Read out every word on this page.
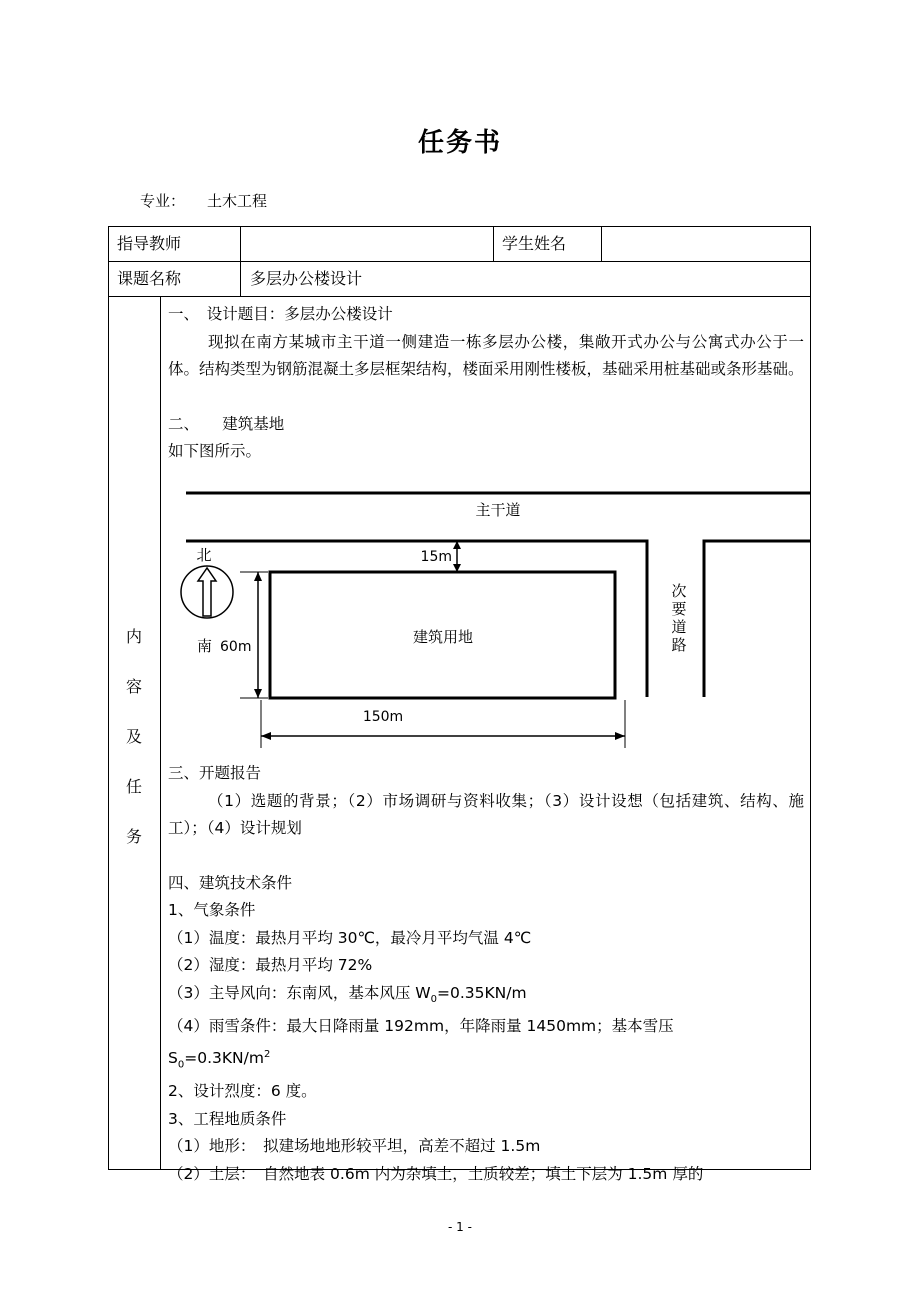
任务书
专业： 土木工程
指导教师	学生姓名
课题名称	多层办公楼设计
内
容
及
任
务

一、　设计题目：多层办公楼设计

现拟在南方某城市主干道一侧建造一栋多层办公楼，集敞开式办公与公寓式办公于一体。结构类型为钢筋混凝土多层框架结构，楼面采用刚性楼板，基础采用桩基础或条形基础。

二、　　建筑基地

如下图所示。

主干道
次
要
道
路
建筑用地
15m
南 60m
150m
北

三、开题报告

（1）选题的背景；（2）市场调研与资料收集；（3）设计设想（包括建筑、结构、施工）；（4）设计规划

四、建筑技术条件

1、气象条件

（1）温度：最热月平均 30℃，最冷月平均气温 4℃

（2）湿度：最热月平均 72%

（3）主导风向：东南风，基本风压 $W_0=0.35KN/m$

（4）雨雪条件：最大日降雨量 192mm，年降雨量 1450mm；基本雪压

$S_0=0.3KN/m^2$

2、设计烈度：6 度。

3、工程地质条件

（1）地形：　拟建场地地形较平坦，高差不超过 1.5m

（2）土层：　自然地表 0.6m 内为杂填土，土质较差；填土下层为 1.5m 厚的

- 1 -
